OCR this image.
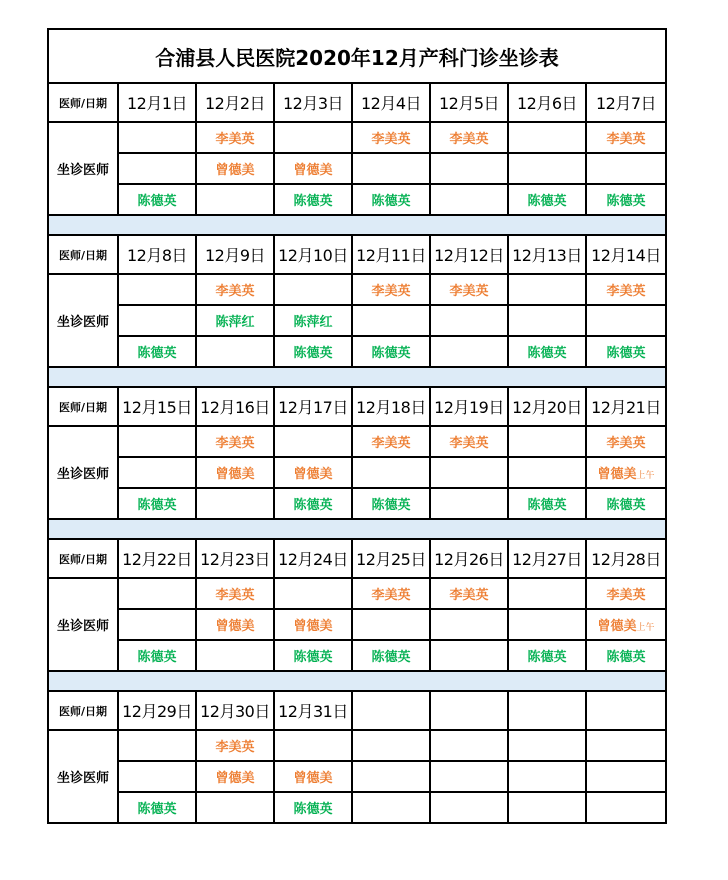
合浦县人民医院2020年12月产科门诊坐诊表							
医师/日期	12月1日	12月2日	12月3日	12月4日	12月5日	12月6日	12月7日
坐诊医师		李美英		李美英	李美英		李美英
		曾德美	曾德美				
	陈德英		陈德英	陈德英		陈德英	陈德英

医师/日期	12月8日	12月9日	12月10日	12月11日	12月12日	12月13日	12月14日
坐诊医师		李美英		李美英	李美英		李美英
		陈萍红	陈萍红				
	陈德英		陈德英	陈德英		陈德英	陈德英

医师/日期	12月15日	12月16日	12月17日	12月18日	12月19日	12月20日	12月21日
坐诊医师		李美英		李美英	李美英		李美英
		曾德美	曾德美				曾德美上午
	陈德英		陈德英	陈德英		陈德英	陈德英

医师/日期	12月22日	12月23日	12月24日	12月25日	12月26日	12月27日	12月28日
坐诊医师		李美英		李美英	李美英		李美英
		曾德美	曾德美				曾德美上午
	陈德英		陈德英	陈德英		陈德英	陈德英

医师/日期	12月29日	12月30日	12月31日				
坐诊医师		李美英					
		曾德美	曾德美				
	陈德英		陈德英				
